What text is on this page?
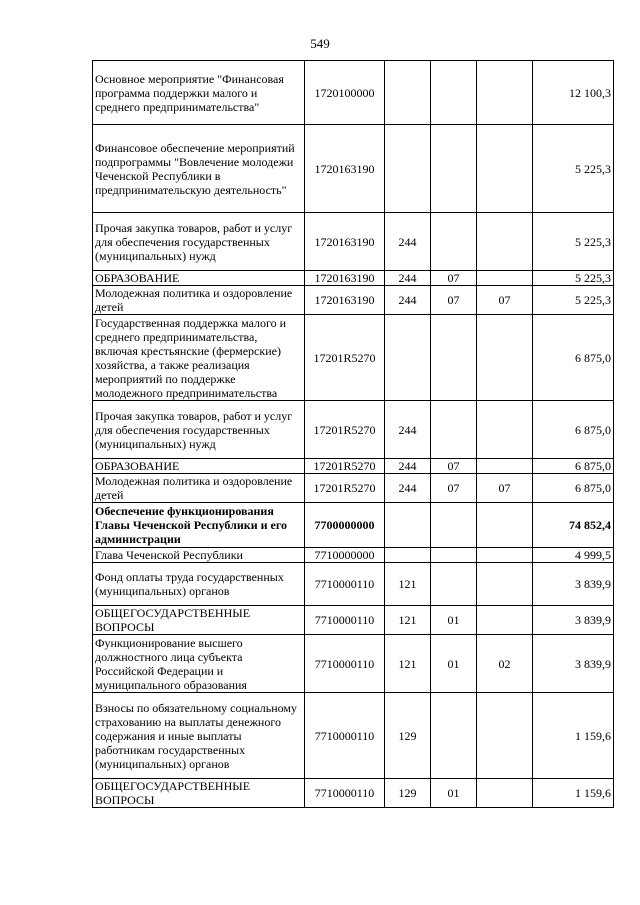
549
Основное мероприятие "Финансовая программа поддержки малого и среднего предпринимательства"	1720100000				12 100,3
Финансовое обеспечение мероприятий подпрограммы "Вовлечение молодежи Чеченской Республики в предпринимательскую деятельность"	1720163190				5 225,3
Прочая закупка товаров, работ и услуг для обеспечения государственных (муниципальных) нужд	1720163190	244			5 225,3
ОБРАЗОВАНИЕ	1720163190	244	07		5 225,3
Молодежная политика и оздоровление детей	1720163190	244	07	07	5 225,3
Государственная поддержка малого и среднего предпринимательства, включая крестьянские (фермерские) хозяйства, а также реализация мероприятий по поддержке молодежного предпринимательства	17201R5270				6 875,0
Прочая закупка товаров, работ и услуг для обеспечения государственных (муниципальных) нужд	17201R5270	244			6 875,0
ОБРАЗОВАНИЕ	17201R5270	244	07		6 875,0
Молодежная политика и оздоровление детей	17201R5270	244	07	07	6 875,0
Обеспечение функционирования Главы Чеченской Республики и его администрации	7700000000				74 852,4
Глава Чеченской Республики	7710000000				4 999,5
Фонд оплаты труда государственных (муниципальных) органов	7710000110	121			3 839,9
ОБЩЕГОСУДАРСТВЕННЫЕ ВОПРОСЫ	7710000110	121	01		3 839,9
Функционирование высшего должностного лица субъекта Российской Федерации и муниципального образования	7710000110	121	01	02	3 839,9
Взносы по обязательному социальному страхованию на выплаты денежного содержания и иные выплаты работникам государственных (муниципальных) органов	7710000110	129			1 159,6
ОБЩЕГОСУДАРСТВЕННЫЕ ВОПРОСЫ	7710000110	129	01		1 159,6
